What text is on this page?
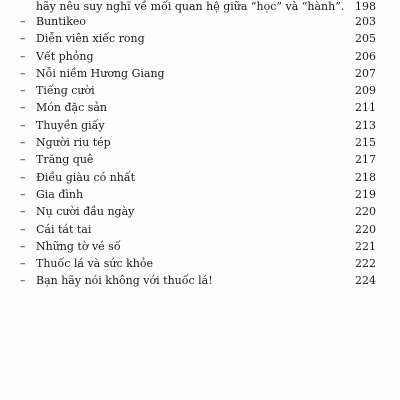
hãy nêu suy nghĩ về mối quan hệ giữa “học” và “hành”. 198
– Buntikeo	203
– Diễn viên xiếc rong	205
– Vết phỏng	206
– Nỗi niềm Hương Giang	207
– Tiếng cười	209
– Món đặc sản	211
– Thuyền giấy	213
– Người riu tép	215
– Trăng quê	217
– Điều giàu có nhất	218
– Gia đình	219
– Nụ cười đầu ngày	220
– Cái tát tai	220
– Những tờ vé số	221
– Thuốc lá và sức khỏe	222
– Bạn hãy nói không với thuốc lá!	224
